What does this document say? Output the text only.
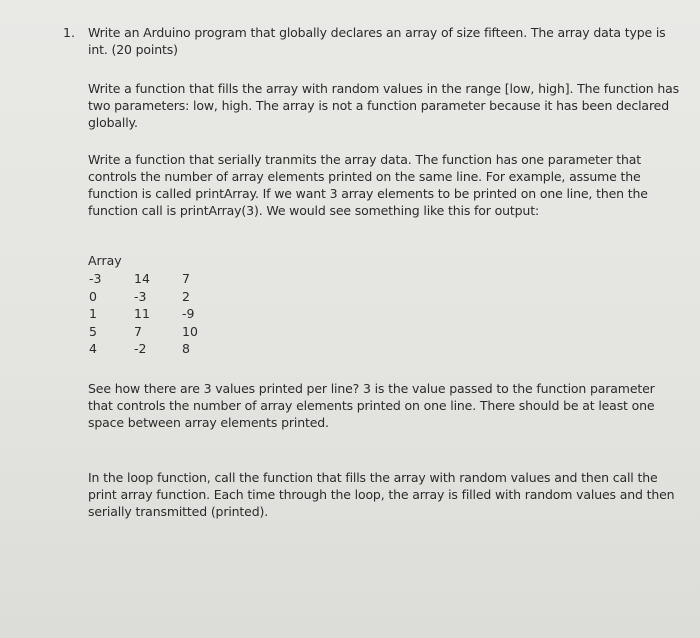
1. Write an Arduino program that globally declares an array of size fifteen. The array data type is
int. (20 points)
Write a function that fills the array with random values in the range [low, high]. The function has
two parameters: low, high. The array is not a function parameter because it has been declared
globally.
Write a function that serially tranmits the array data. The function has one parameter that
controls the number of array elements printed on the same line. For example, assume the
function is called printArray. If we want 3 array elements to be printed on one line, then the
function call is printArray(3). We would see something like this for output:
Array
-3	14	7
0	-3	2
1	11	-9
5	7	10
4	-2	8
See how there are 3 values printed per line? 3 is the value passed to the function parameter
that controls the number of array elements printed on one line. There should be at least one
space between array elements printed.
In the loop function, call the function that fills the array with random values and then call the
print array function. Each time through the loop, the array is filled with random values and then
serially transmitted (printed).
